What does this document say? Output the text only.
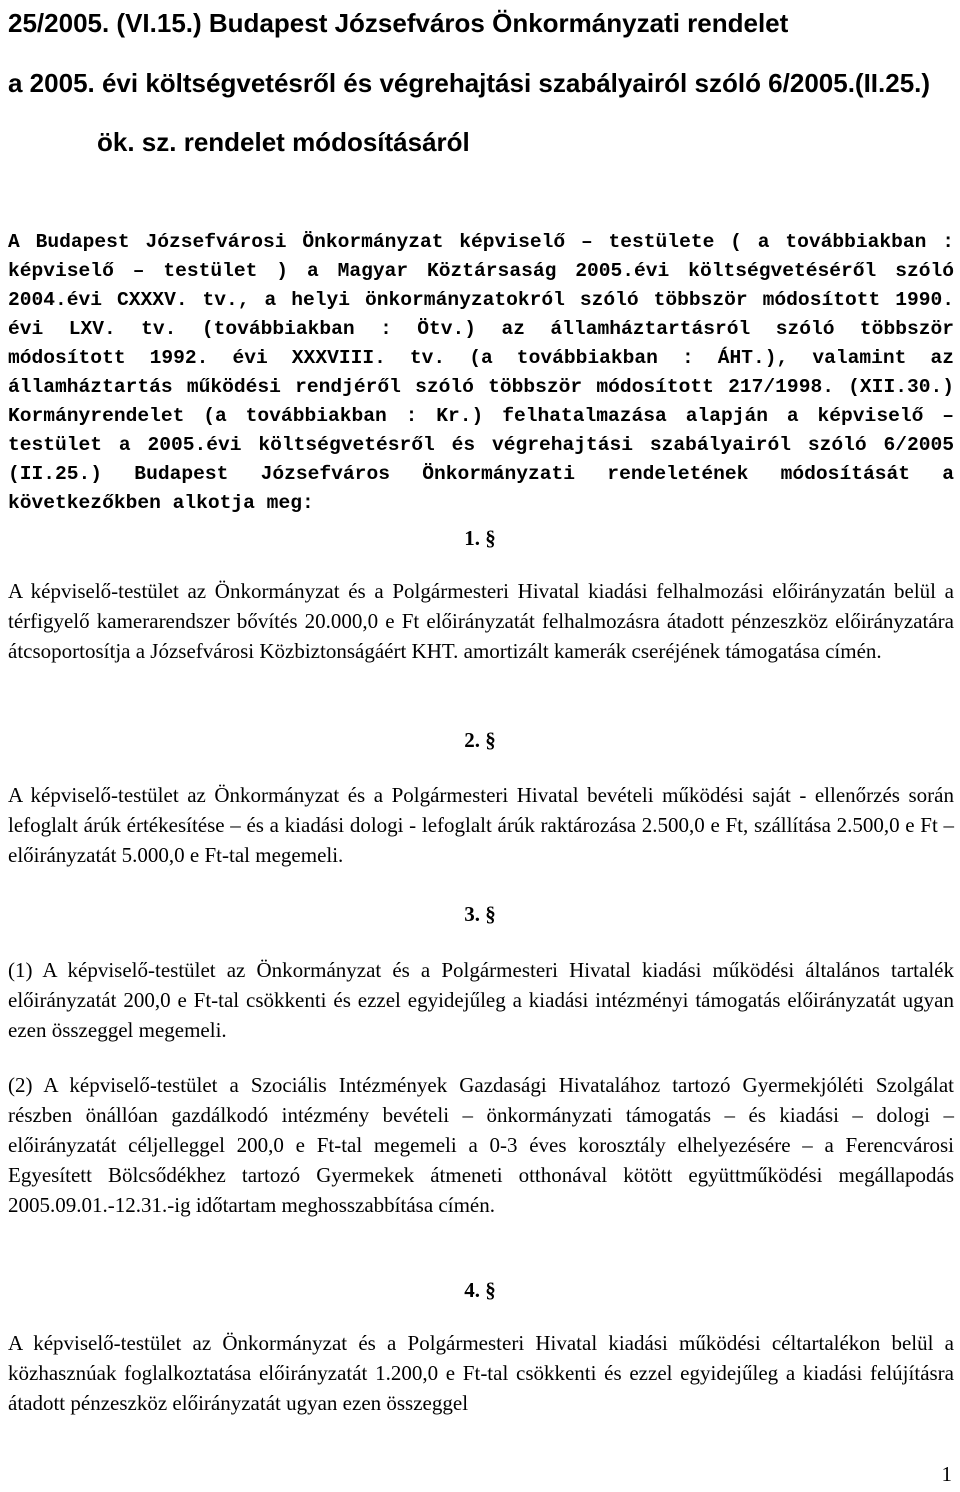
25/2005. (VI.15.) Budapest Józsefváros Önkormányzati rendelet
a 2005. évi költségvetésről és végrehajtási szabályairól szóló 6/2005.(II.25.)
ök. sz. rendelet módosításáról
A Budapest Józsefvárosi Önkormányzat képviselő – testülete ( a továbbiakban : képviselő – testület ) a Magyar Köztársaság 2005.évi költségvetéséről szóló 2004.évi CXXXV. tv., a helyi önkormányzatokról szóló többször módosított 1990. évi LXV. tv. (továbbiakban : Ötv.) az államháztartásról szóló többször módosított 1992. évi XXXVIII. tv. (a továbbiakban : ÁHT.), valamint az államháztartás működési rendjéről szóló többször módosított 217/1998. (XII.30.) Kormányrendelet (a továbbiakban : Kr.) felhatalmazása alapján a képviselő – testület a 2005.évi költségvetésről és végrehajtási szabályairól szóló 6/2005 (II.25.) Budapest Józsefváros Önkormányzati rendeletének módosítását a következőkben alkotja meg:
1. §
A képviselő-testület az Önkormányzat és a Polgármesteri Hivatal kiadási felhalmozási előirányzatán belül a térfigyelő kamerarendszer bővítés 20.000,0 e Ft előirányzatát felhalmozásra átadott pénzeszköz előirányzatára átcsoportosítja a Józsefvárosi Közbiztonságáért KHT. amortizált kamerák cseréjének támogatása címén.
2. §
A képviselő-testület az Önkormányzat és a Polgármesteri Hivatal bevételi működési saját - ellenőrzés során lefoglalt árúk értékesítése – és a kiadási dologi - lefoglalt árúk raktározása 2.500,0 e Ft, szállítása 2.500,0 e Ft – előirányzatát 5.000,0 e Ft-tal megemeli.
3. §
(1) A képviselő-testület az Önkormányzat és a Polgármesteri Hivatal kiadási működési általános tartalék előirányzatát 200,0 e Ft-tal csökkenti és ezzel egyidejűleg a kiadási intézményi támogatás előirányzatát ugyan ezen összeggel megemeli.
(2) A képviselő-testület a Szociális Intézmények Gazdasági Hivatalához tartozó Gyermekjóléti Szolgálat részben önállóan gazdálkodó intézmény bevételi – önkormányzati támogatás – és kiadási – dologi – előirányzatát céljelleggel 200,0 e Ft-tal megemeli a 0-3 éves korosztály elhelyezésére – a Ferencvárosi Egyesített Bölcsődékhez tartozó Gyermekek átmeneti otthonával kötött együttműködési megállapodás 2005.09.01.-12.31.-ig időtartam meghosszabbítása címén.
4. §
A képviselő-testület az Önkormányzat és a Polgármesteri Hivatal kiadási működési céltartalékon belül a közhasznúak foglalkoztatása előirányzatát 1.200,0 e Ft-tal csökkenti és ezzel egyidejűleg a kiadási felújításra átadott pénzeszköz előirányzatát ugyan ezen összeggel
1
